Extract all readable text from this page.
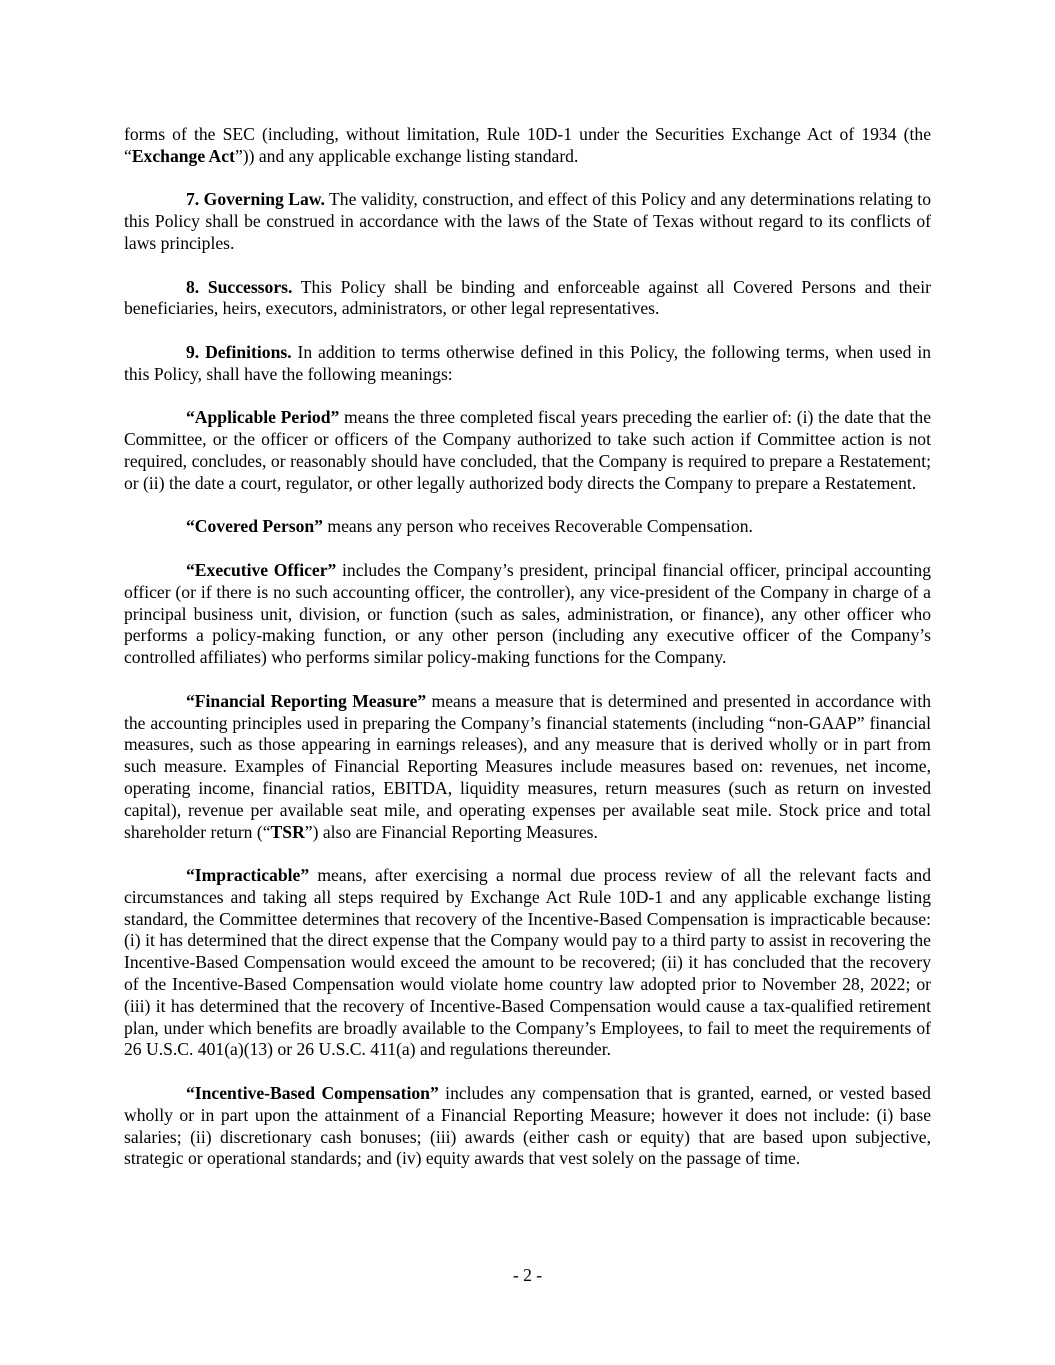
forms of the SEC (including, without limitation, Rule 10D-1 under the Securities Exchange Act of 1934 (the “Exchange Act”)) and any applicable exchange listing standard.

7. Governing Law. The validity, construction, and effect of this Policy and any determinations relating to this Policy shall be construed in accordance with the laws of the State of Texas without regard to its conflicts of laws principles.

8. Successors. This Policy shall be binding and enforceable against all Covered Persons and their beneficiaries, heirs, executors, administrators, or other legal representatives.

9. Definitions. In addition to terms otherwise defined in this Policy, the following terms, when used in this Policy, shall have the following meanings:

“Applicable Period” means the three completed fiscal years preceding the earlier of: (i) the date that the Committee, or the officer or officers of the Company authorized to take such action if Committee action is not required, concludes, or reasonably should have concluded, that the Company is required to prepare a Restatement; or (ii) the date a court, regulator, or other legally authorized body directs the Company to prepare a Restatement.

“Covered Person” means any person who receives Recoverable Compensation.

“Executive Officer” includes the Company’s president, principal financial officer, principal accounting officer (or if there is no such accounting officer, the controller), any vice-president of the Company in charge of a principal business unit, division, or function (such as sales, administration, or finance), any other officer who performs a policy-making function, or any other person (including any executive officer of the Company’s controlled affiliates) who performs similar policy-making functions for the Company.

“Financial Reporting Measure” means a measure that is determined and presented in accordance with the accounting principles used in preparing the Company’s financial statements (including “non-GAAP” financial measures, such as those appearing in earnings releases), and any measure that is derived wholly or in part from such measure. Examples of Financial Reporting Measures include measures based on: revenues, net income, operating income, financial ratios, EBITDA, liquidity measures, return measures (such as return on invested capital), revenue per available seat mile, and operating expenses per available seat mile. Stock price and total shareholder return (“TSR”) also are Financial Reporting Measures.

“Impracticable” means, after exercising a normal due process review of all the relevant facts and circumstances and taking all steps required by Exchange Act Rule 10D-1 and any applicable exchange listing standard, the Committee determines that recovery of the Incentive-Based Compensation is impracticable because: (i) it has determined that the direct expense that the Company would pay to a third party to assist in recovering the Incentive-Based Compensation would exceed the amount to be recovered; (ii) it has concluded that the recovery of the Incentive-Based Compensation would violate home country law adopted prior to November 28, 2022; or (iii) it has determined that the recovery of Incentive-Based Compensation would cause a tax-qualified retirement plan, under which benefits are broadly available to the Company’s Employees, to fail to meet the requirements of 26 U.S.C. 401(a)(13) or 26 U.S.C. 411(a) and regulations thereunder.

“Incentive-Based Compensation” includes any compensation that is granted, earned, or vested based wholly or in part upon the attainment of a Financial Reporting Measure; however it does not include: (i) base salaries; (ii) discretionary cash bonuses; (iii) awards (either cash or equity) that are based upon subjective, strategic or operational standards; and (iv) equity awards that vest solely on the passage of time.

- 2 -
